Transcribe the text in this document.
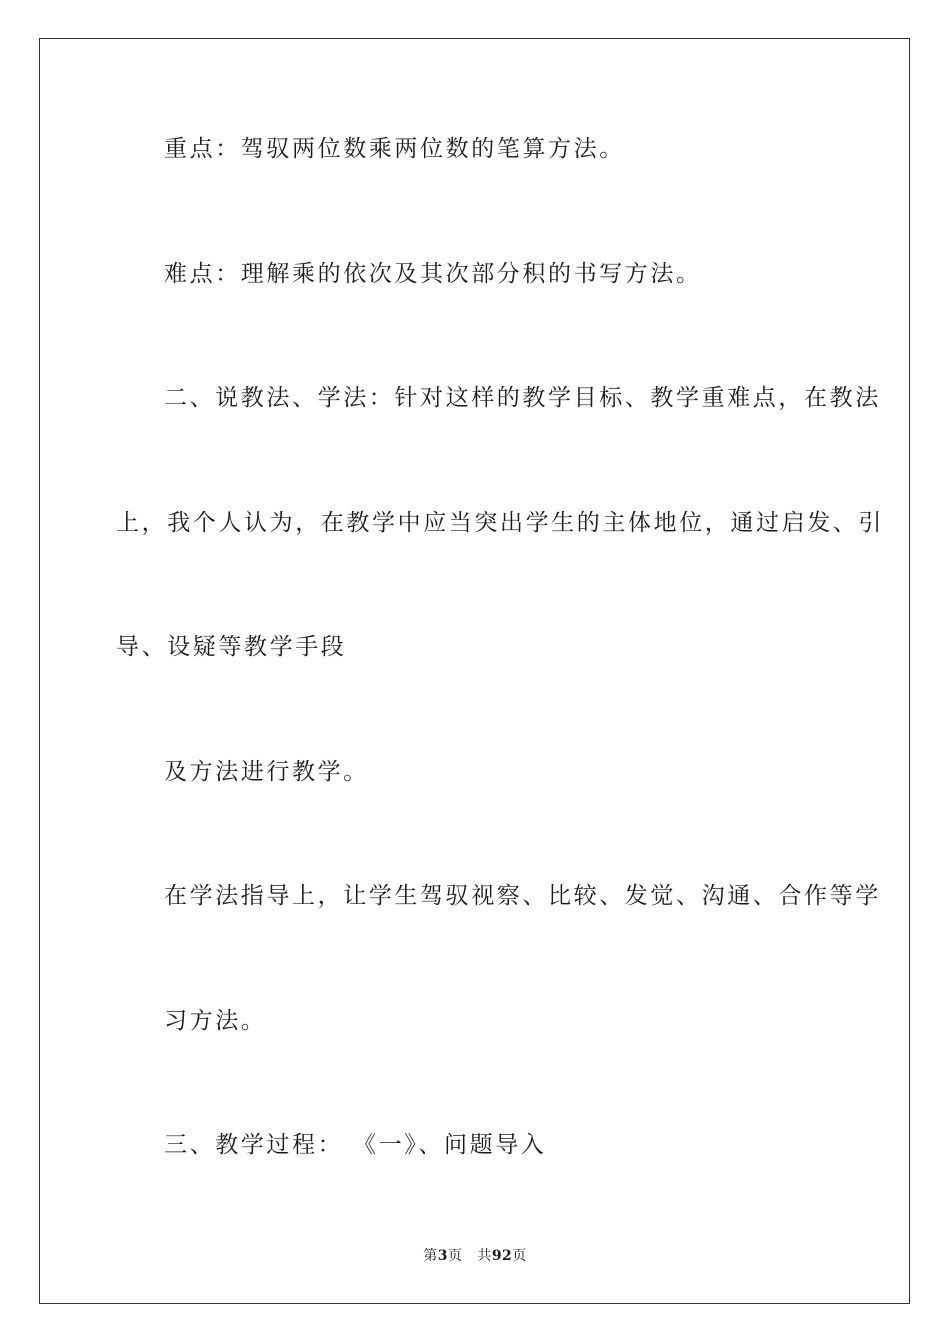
重点：驾驭两位数乘两位数的笔算方法。
难点：理解乘的依次及其次部分积的书写方法。
二、说教法、学法：针对这样的教学目标、教学重难点，在教法
上，我个人认为，在教学中应当突出学生的主体地位，通过启发、引
导、设疑等教学手段
及方法进行教学。
在学法指导上，让学生驾驭视察、比较、发觉、沟通、合作等学
习方法。
三、教学过程： 《一》、问题导入
第3页 共92页
